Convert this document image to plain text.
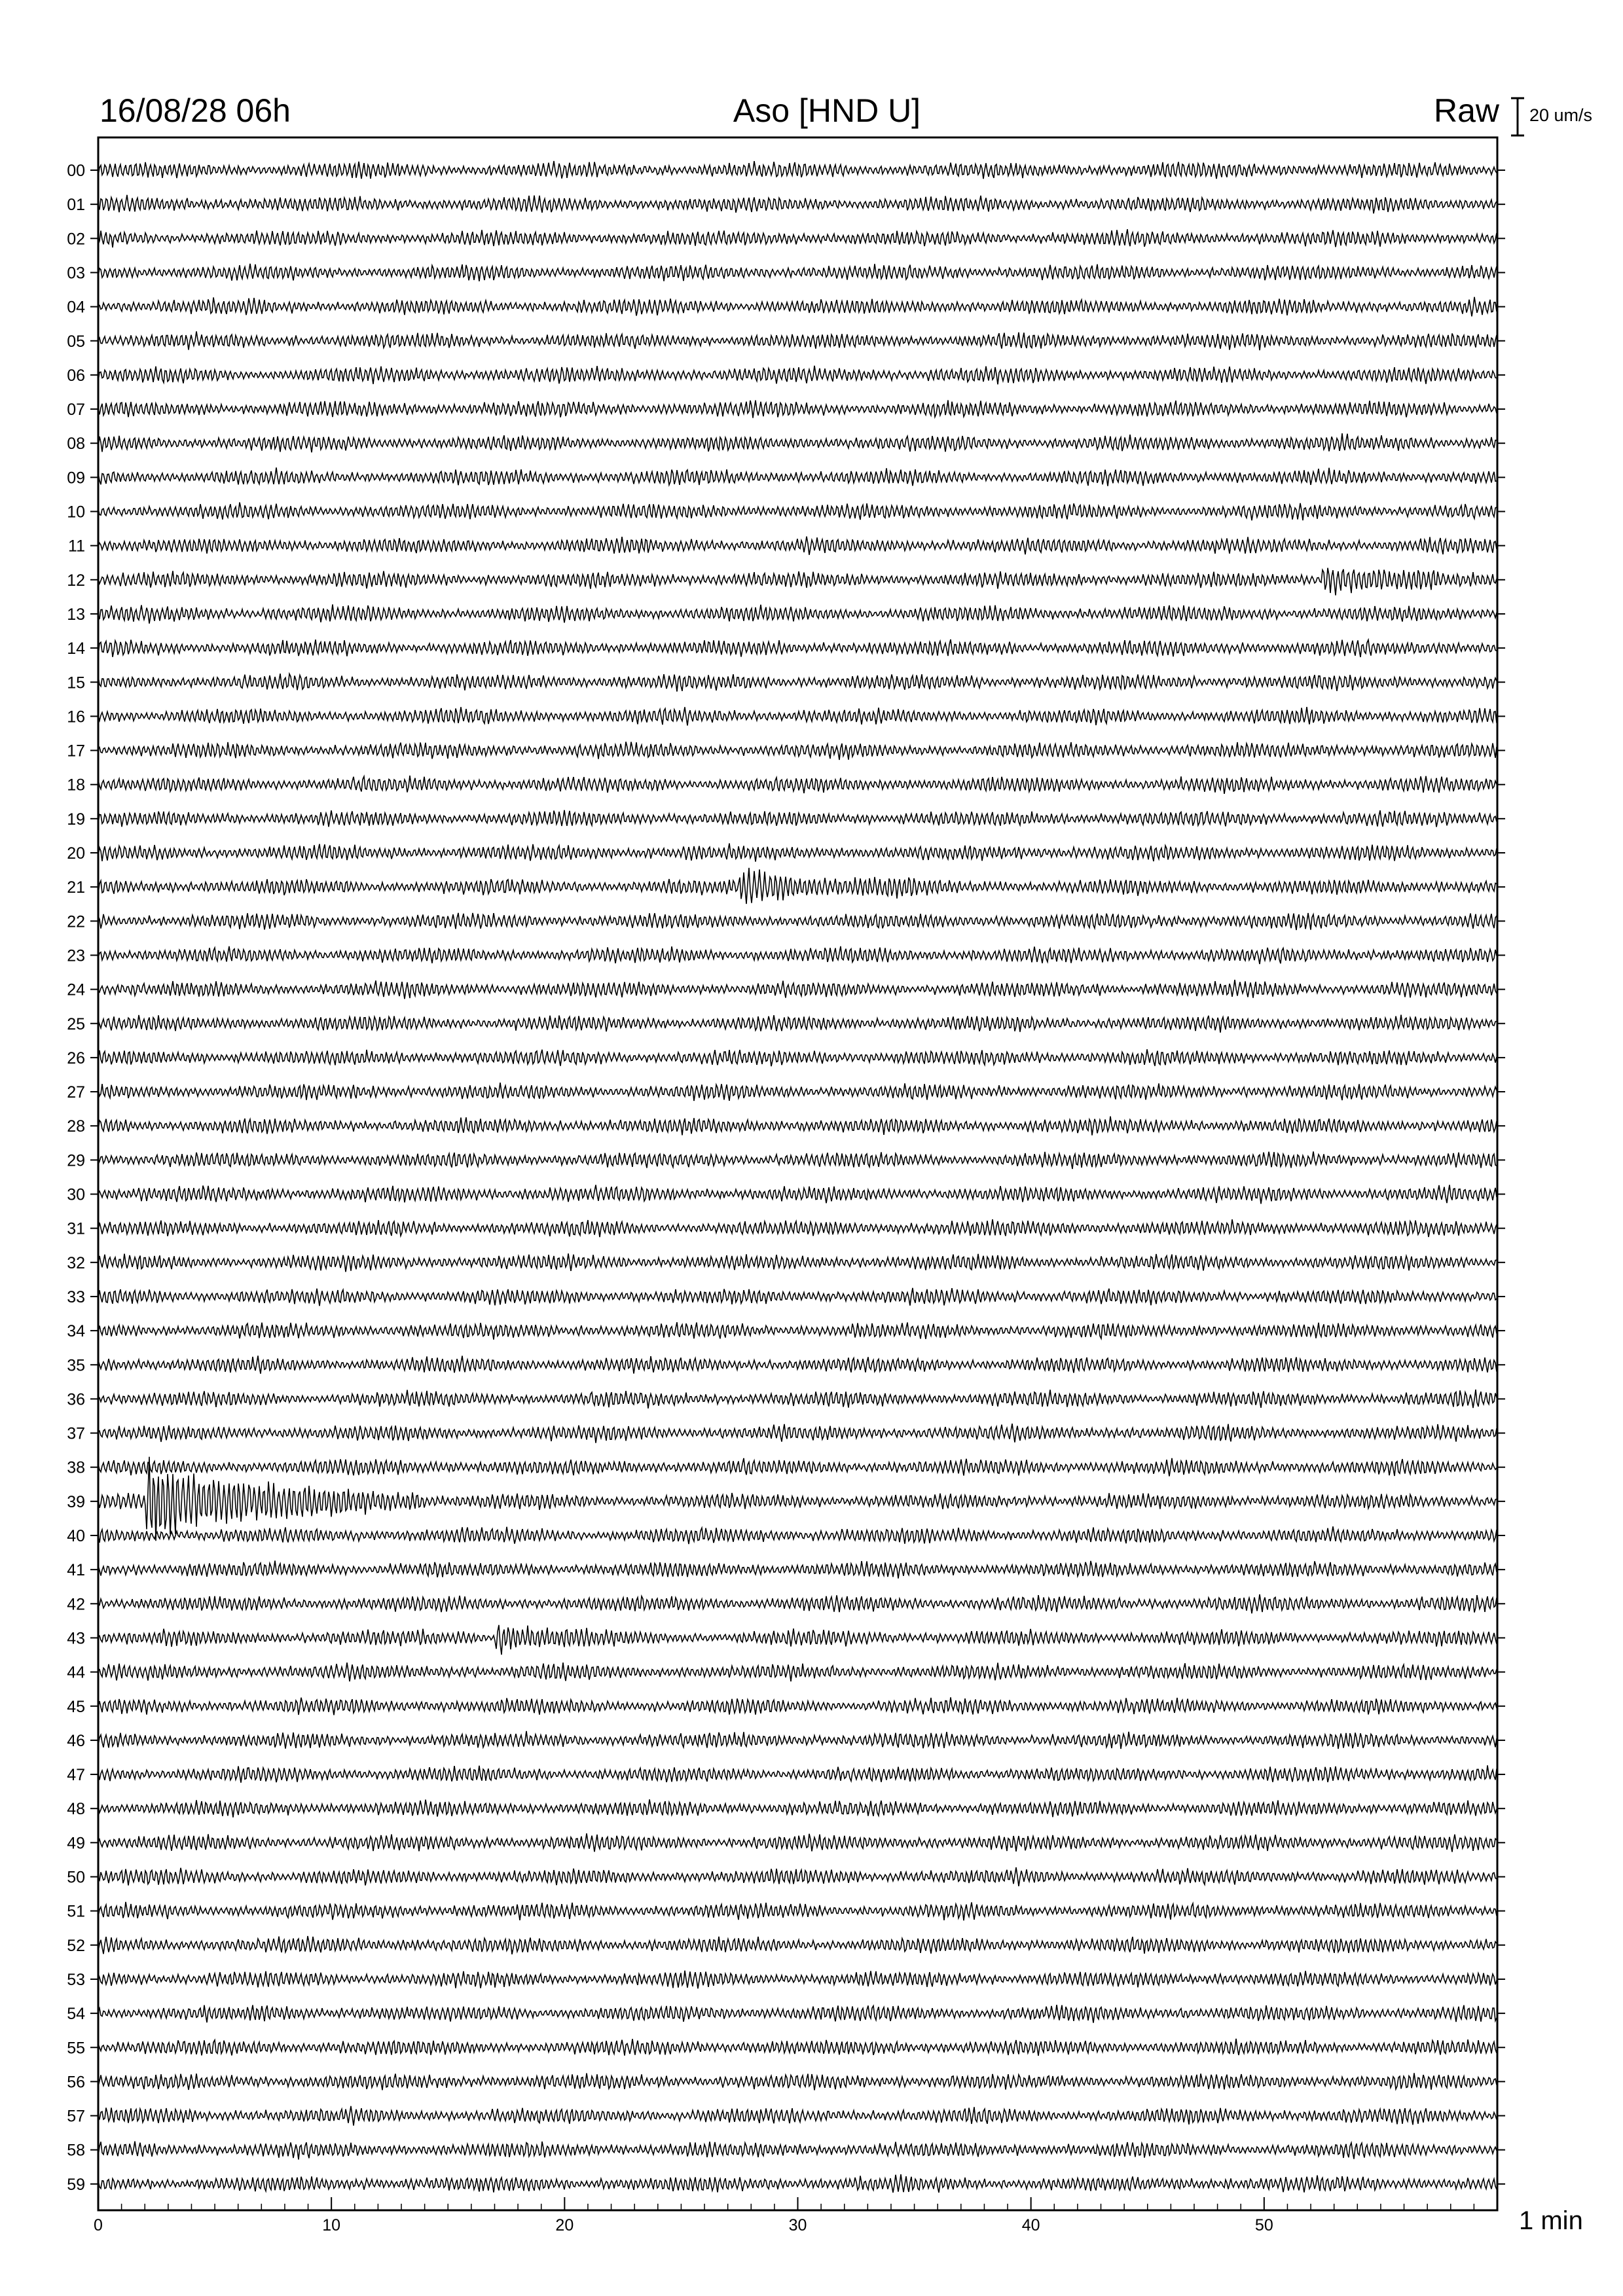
16/08/28 06h	Aso [HND U]	Raw 20 um/s
00
01
02
03
04
05
06
07
08
09
10
11
12
13
14
15
16
17
18
19
20
21
22
23
24
25
26
27
28
29
30
31
32
33
34
35
36
37
38
39
40
41
42
43
44
45
46
47
48
49
50
51
52
53
54
55
56
57
58
59
0	10	20	30	40	50	1 min
